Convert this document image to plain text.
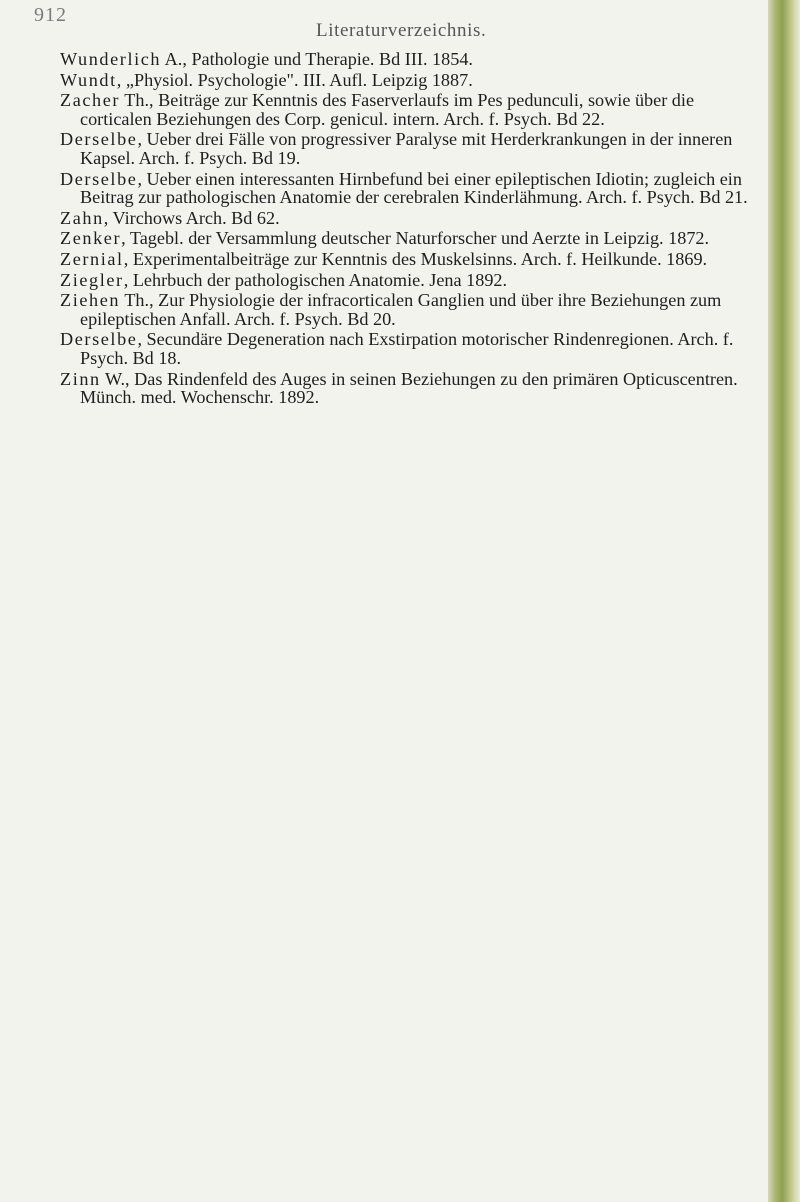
912
Literaturverzeichnis.

Wunderlich A., Pathologie und Therapie. Bd III. 1854.

Wundt, „Physiol. Psychologie". III. Aufl. Leipzig 1887.

Zacher Th., Beiträge zur Kenntnis des Faserverlaufs im Pes pedunculi, sowie über die corticalen Beziehungen des Corp. genicul. intern. Arch. f. Psych. Bd 22.

Derselbe, Ueber drei Fälle von progressiver Paralyse mit Herderkrankungen in der inneren Kapsel. Arch. f. Psych. Bd 19.

Derselbe, Ueber einen interessanten Hirnbefund bei einer epileptischen Idiotin; zugleich ein Beitrag zur pathologischen Anatomie der cerebralen Kinderlähmung. Arch. f. Psych. Bd 21.

Zahn, Virchows Arch. Bd 62.

Zenker, Tagebl. der Versammlung deutscher Naturforscher und Aerzte in Leipzig. 1872.

Zernial, Experimentalbeiträge zur Kenntnis des Muskelsinns. Arch. f. Heilkunde. 1869.

Ziegler, Lehrbuch der pathologischen Anatomie. Jena 1892.

Ziehen Th., Zur Physiologie der infracorticalen Ganglien und über ihre Beziehungen zum epileptischen Anfall. Arch. f. Psych. Bd 20.

Derselbe, Secundäre Degeneration nach Exstirpation motorischer Rindenregionen. Arch. f. Psych. Bd 18.

Zinn W., Das Rindenfeld des Auges in seinen Beziehungen zu den primären Opticuscentren. Münch. med. Wochenschr. 1892.
